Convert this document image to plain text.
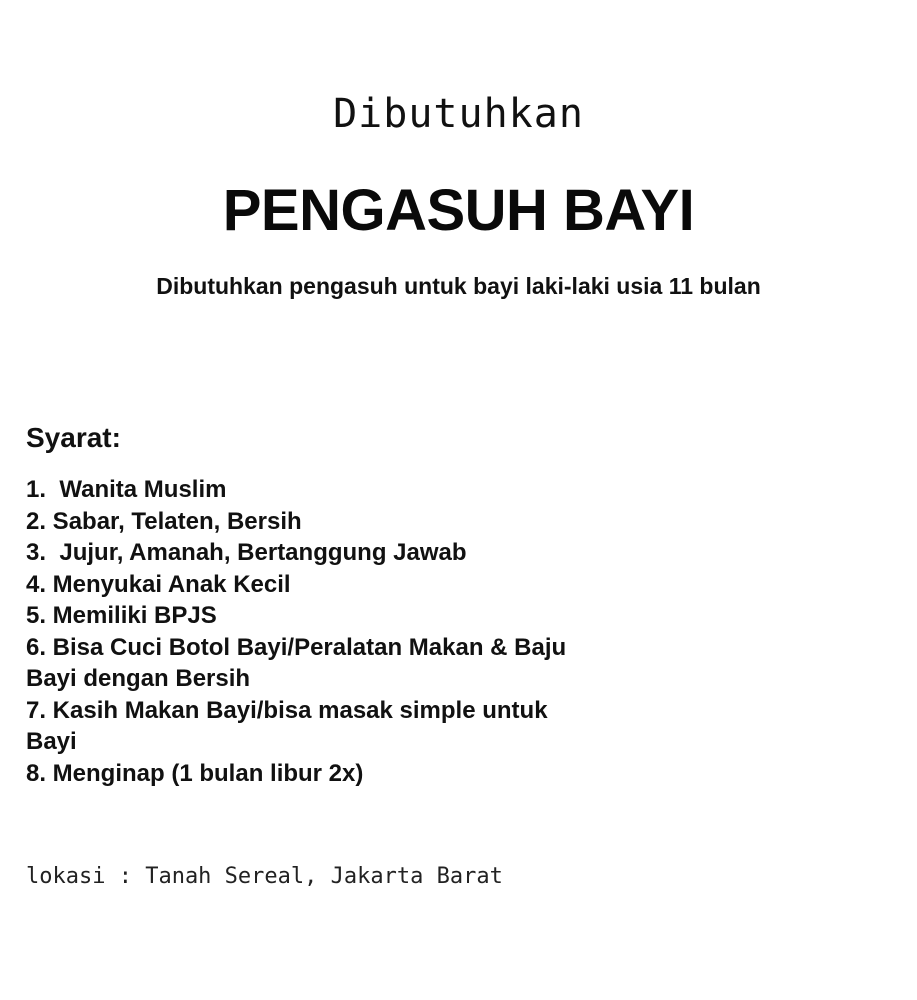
Dibutuhkan
PENGASUH BAYI
Dibutuhkan pengasuh untuk bayi laki-laki usia 11 bulan
Syarat:
1.  Wanita Muslim
2. Sabar, Telaten, Bersih
3.  Jujur, Amanah, Bertanggung Jawab
4. Menyukai Anak Kecil
5. Memiliki BPJS
6. Bisa Cuci Botol Bayi/Peralatan Makan & Baju
Bayi dengan Bersih
7. Kasih Makan Bayi/bisa masak simple untuk
Bayi
8. Menginap (1 bulan libur 2x)
lokasi : Tanah Sereal, Jakarta Barat
